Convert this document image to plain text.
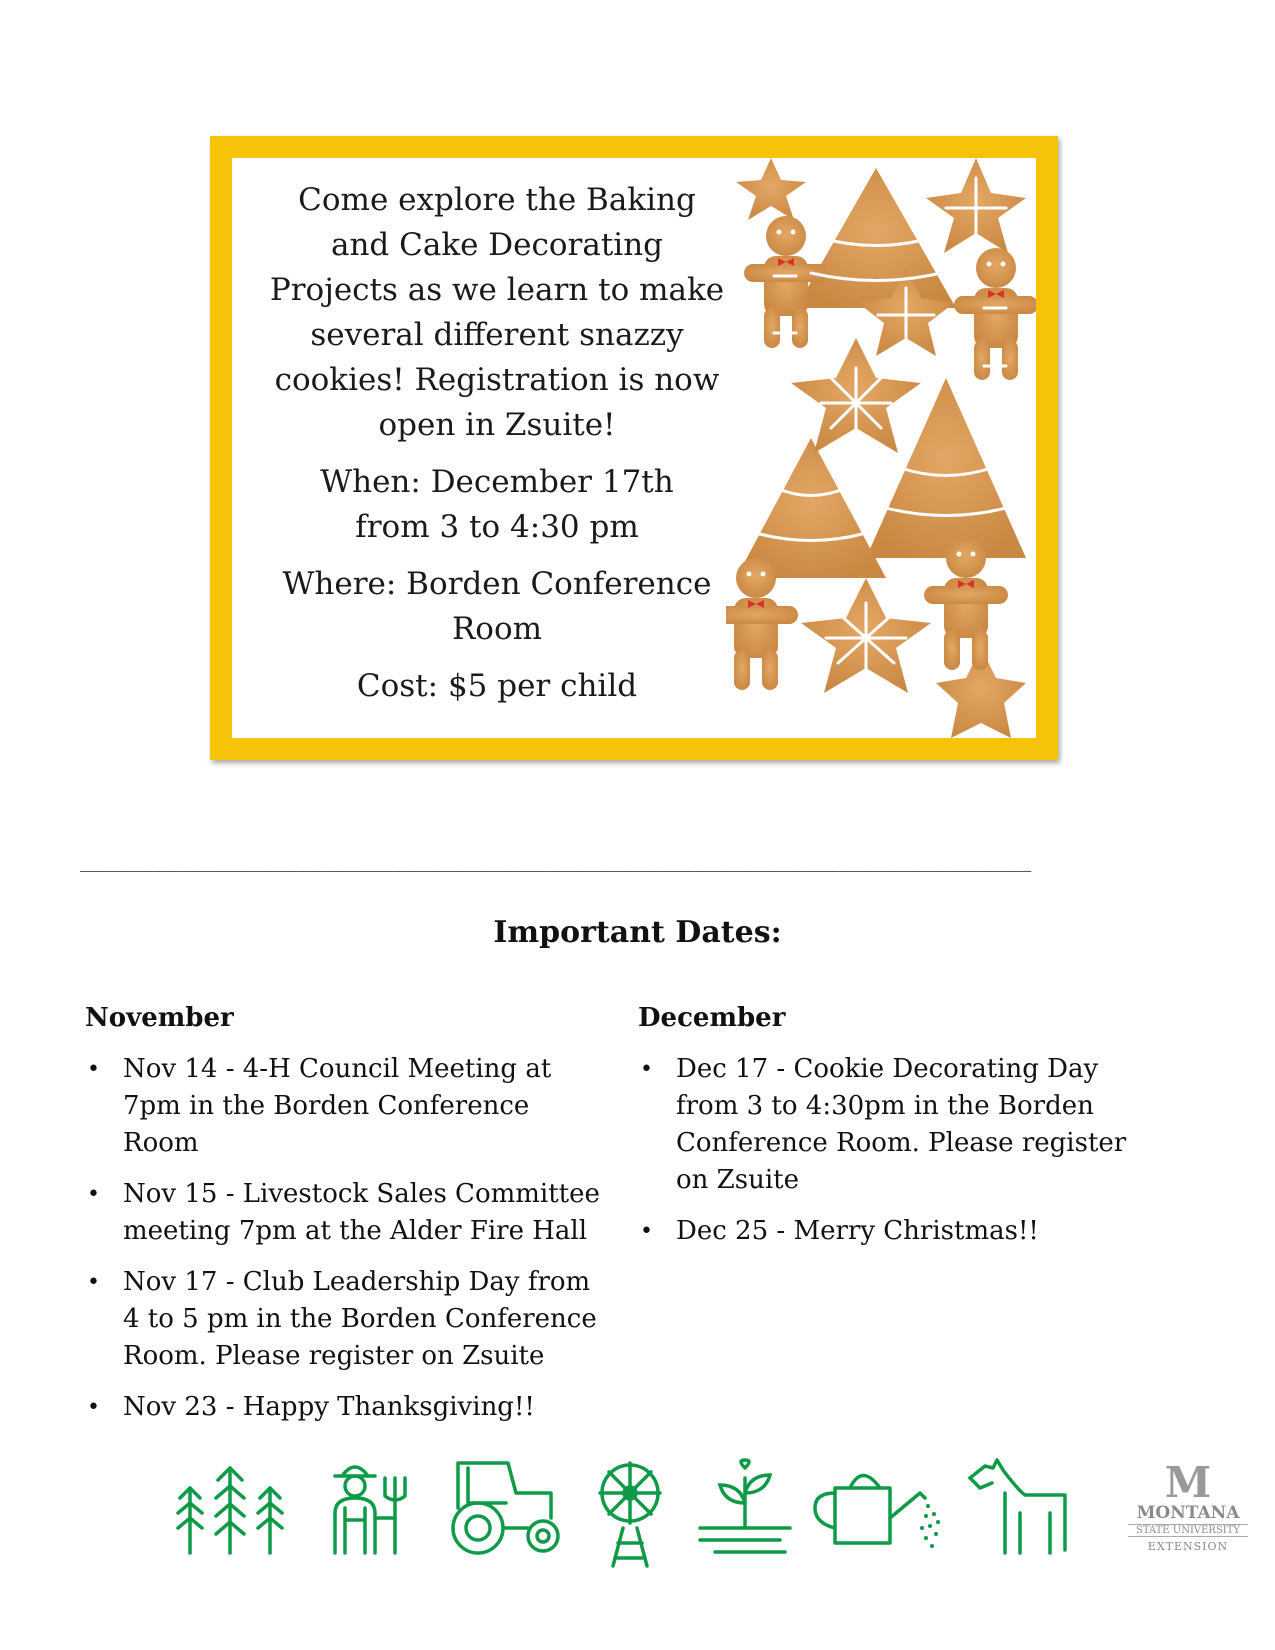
Come explore the Baking and Cake Decorating Projects as we learn to make several different snazzy cookies! Registration is now open in Zsuite!

When: December 17th
from 3 to 4:30 pm

Where: Borden Conference Room

Cost: $5 per child

_______________________________________________________________________________
Important Dates:
November
• Nov 14 - 4-H Council Meeting at 7pm in the Borden Conference Room
• Nov 15 - Livestock Sales Committee meeting 7pm at the Alder Fire Hall
• Nov 17 - Club Leadership Day from 4 to 5 pm in the Borden Conference Room. Please register on Zsuite
• Nov 23 - Happy Thanksgiving!!
December
• Dec 17 - Cookie Decorating Day from 3 to 4:30pm in the Borden Conference Room. Please register on Zsuite
• Dec 25 - Merry Christmas!!
M
MONTANA
STATE UNIVERSITY
EXTENSION
